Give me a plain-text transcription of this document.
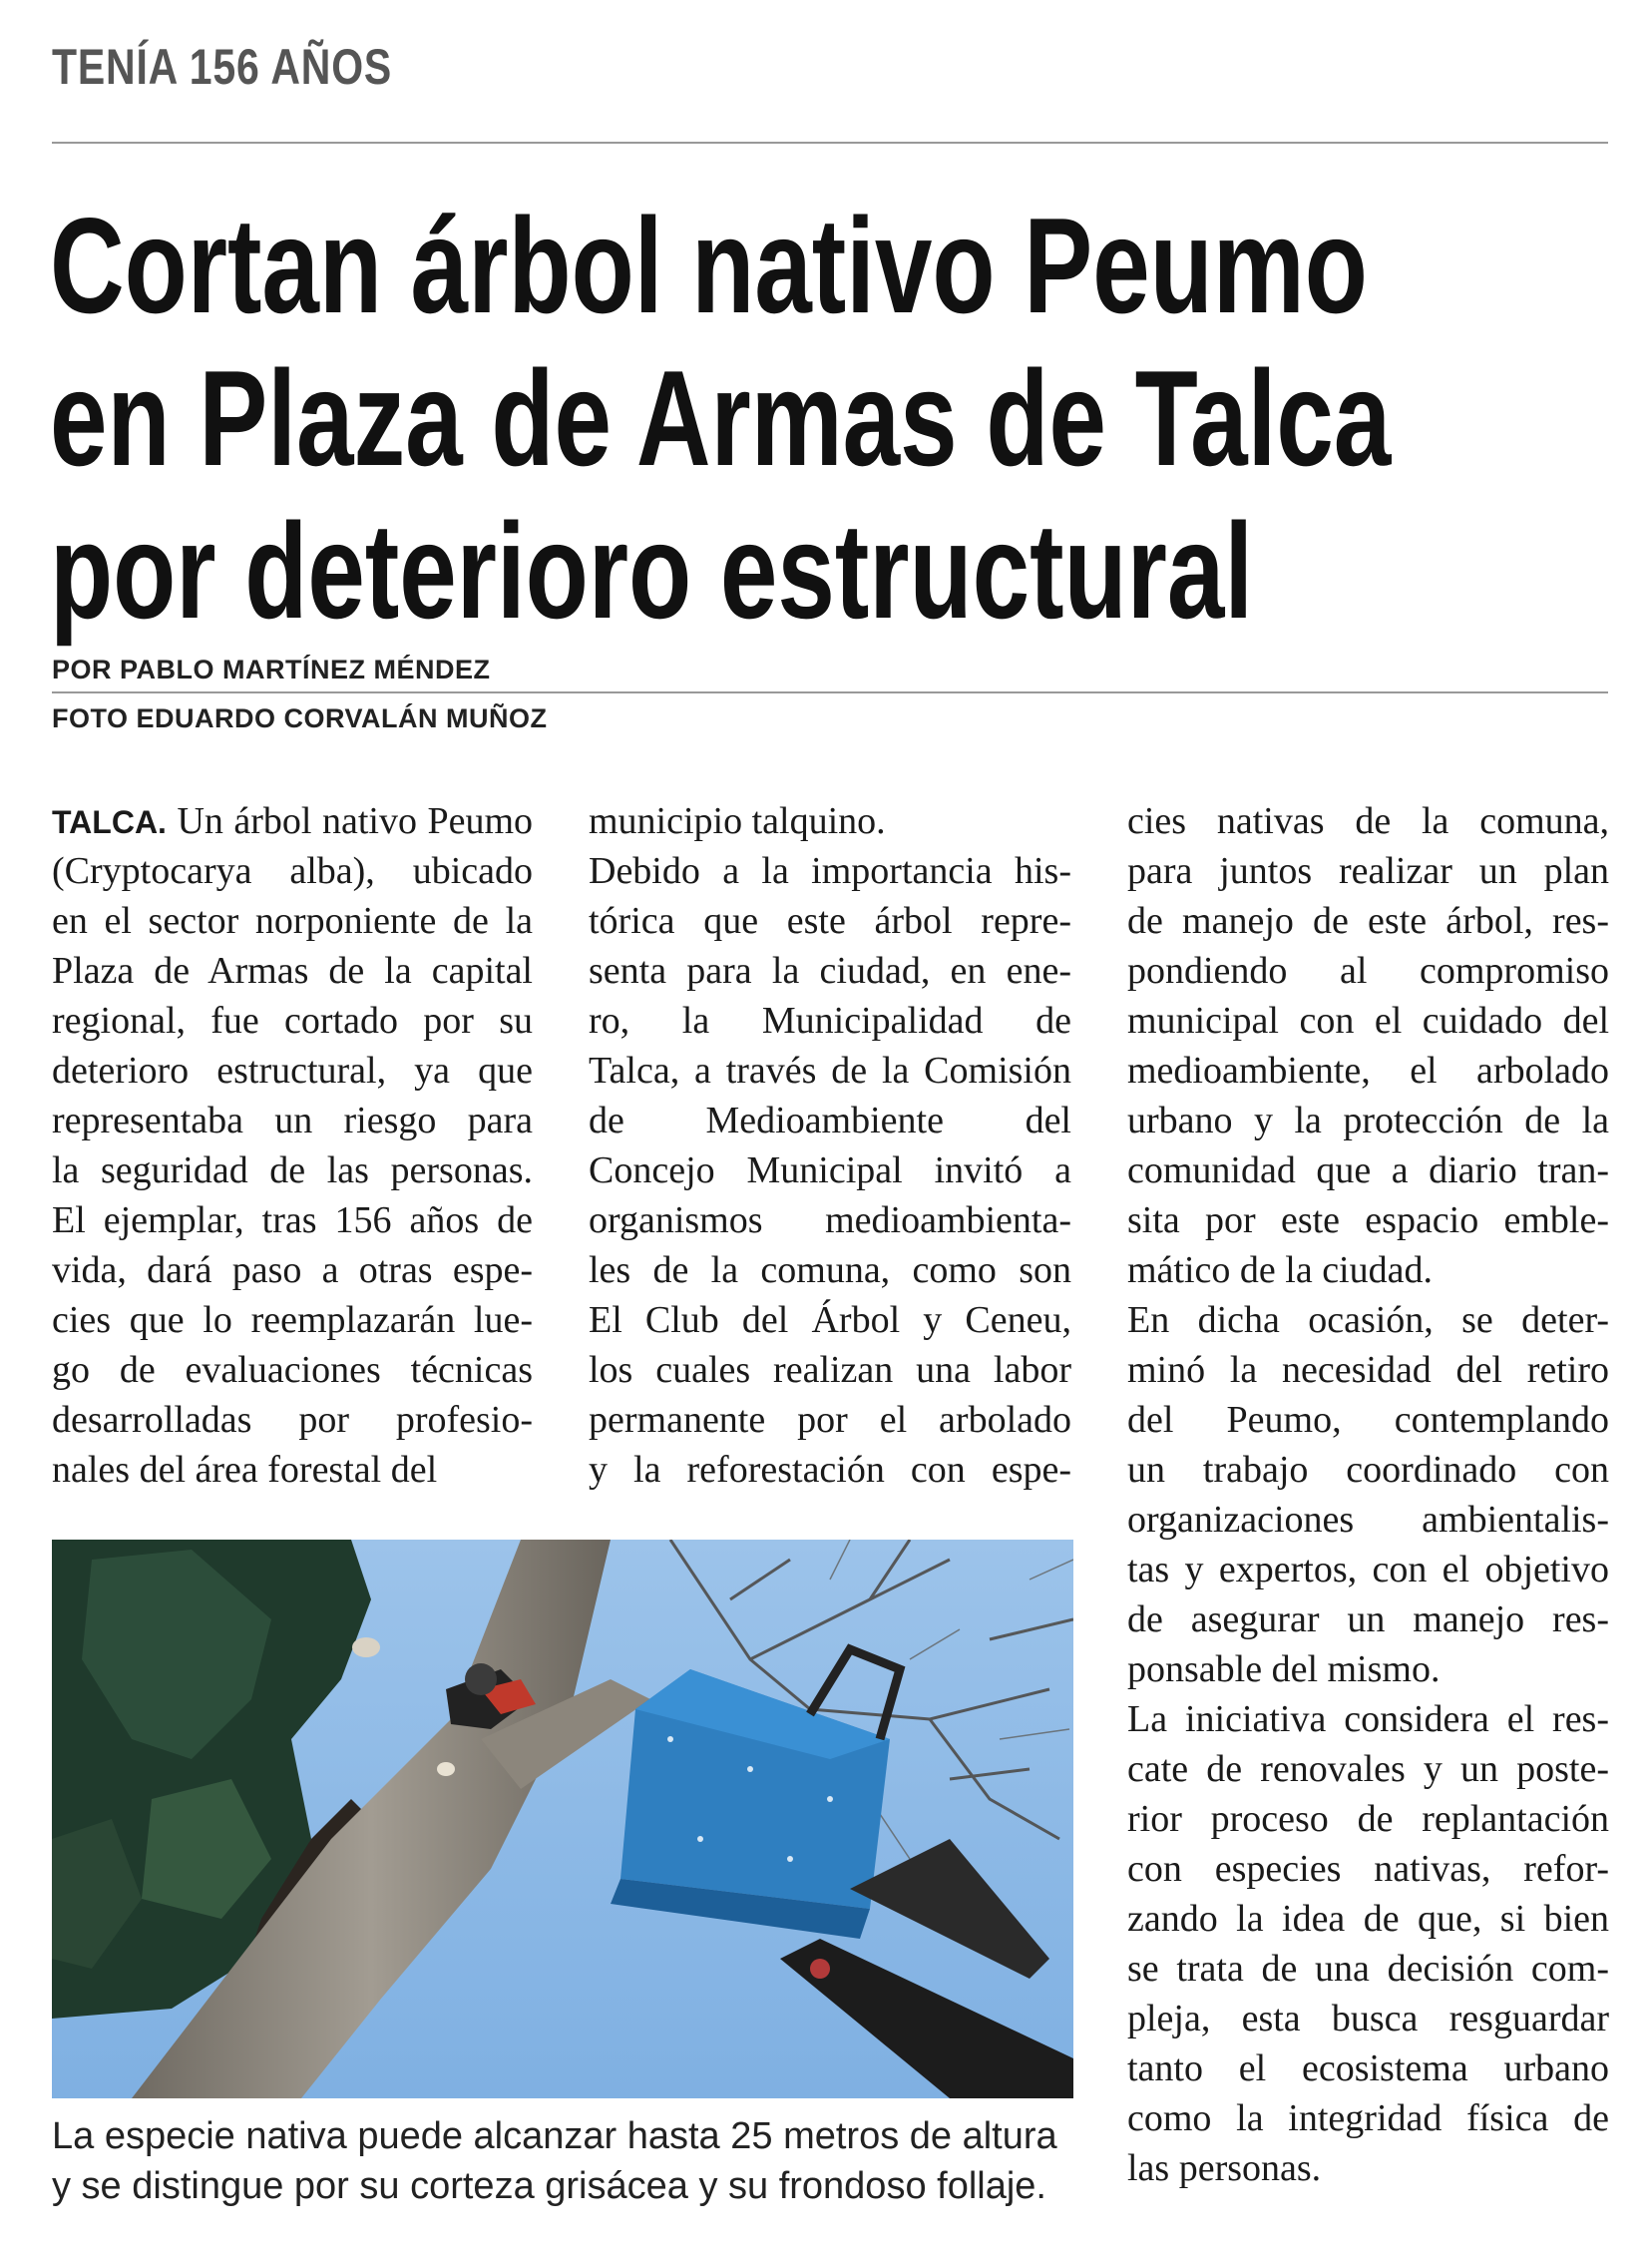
TENÍA 156 AÑOS
Cortan árbol nativo Peumo
en Plaza de Armas de Talca
por deterioro estructural
POR PABLO MARTÍNEZ MÉNDEZ
FOTO EDUARDO CORVALÁN MUÑOZ
TALCA. Un árbol nativo Peumo
(Cryptocarya alba), ubicado
en el sector norponiente de la
Plaza de Armas de la capital
regional, fue cortado por su
deterioro estructural, ya que
representaba un riesgo para
la seguridad de las personas.
El ejemplar, tras 156 años de
vida, dará paso a otras espe-
cies que lo reemplazarán lue-
go de evaluaciones técnicas
desarrolladas por profesio-
nales del área forestal del
municipio talquino.
Debido a la importancia his-
tórica que este árbol repre-
senta para la ciudad, en ene-
ro, la Municipalidad de
Talca, a través de la Comisión
de Medioambiente del
Concejo Municipal invitó a
organismos medioambienta-
les de la comuna, como son
El Club del Árbol y Ceneu,
los cuales realizan una labor
permanente por el arbolado
y la reforestación con espe-
cies nativas de la comuna,
para juntos realizar un plan
de manejo de este árbol, res-
pondiendo al compromiso
municipal con el cuidado del
medioambiente, el arbolado
urbano y la protección de la
comunidad que a diario tran-
sita por este espacio emble-
mático de la ciudad.
En dicha ocasión, se deter-
minó la necesidad del retiro
del Peumo, contemplando
un trabajo coordinado con
organizaciones ambientalis-
tas y expertos, con el objetivo
de asegurar un manejo res-
ponsable del mismo.
La iniciativa considera el res-
cate de renovales y un poste-
rior proceso de replantación
con especies nativas, refor-
zando la idea de que, si bien
se trata de una decisión com-
pleja, esta busca resguardar
tanto el ecosistema urbano
como la integridad física de
las personas.
La especie nativa puede alcanzar hasta 25 metros de altura
y se distingue por su corteza grisácea y su frondoso follaje.
